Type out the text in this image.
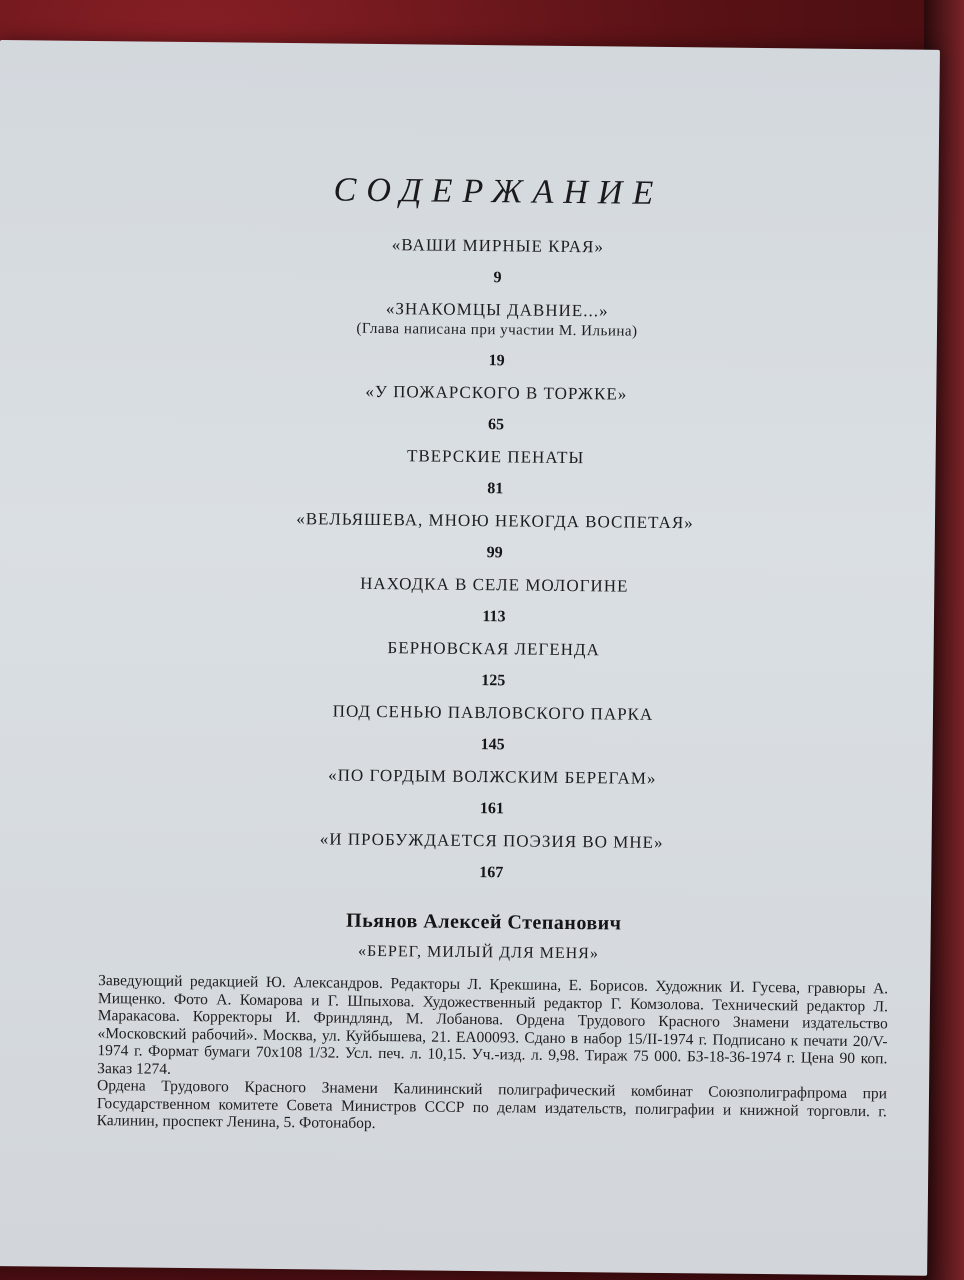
СОДЕРЖАНИЕ
«ВАШИ МИРНЫЕ КРАЯ»
9
«ЗНАКОМЦЫ ДАВНИЕ...»
(Глава написана при участии М. Ильина)
19
«У ПОЖАРСКОГО В ТОРЖКЕ»
65
ТВЕРСКИЕ ПЕНАТЫ
81
«ВЕЛЬЯШЕВА, МНОЮ НЕКОГДА ВОСПЕТАЯ»
99
НАХОДКА В СЕЛЕ МОЛОГИНЕ
113
БЕРНОВСКАЯ ЛЕГЕНДА
125
ПОД СЕНЬЮ ПАВЛОВСКОГО ПАРКА
145
«ПО ГОРДЫМ ВОЛЖСКИМ БЕРЕГАМ»
161
«И ПРОБУЖДАЕТСЯ ПОЭЗИЯ ВО МНЕ»
167
Пьянов Алексей Степанович
«БЕРЕГ, МИЛЫЙ ДЛЯ МЕНЯ»

Заведующий редакцией Ю. Александров. Редакторы Л. Крекшина, Е. Борисов. Художник И. Гусева, гравюры А. Мищенко. Фото А. Комарова и Г. Шпыхова. Художественный редактор Г. Комзолова. Технический редактор Л. Маракасова. Корректоры И. Фриндлянд, М. Лобанова. Ордена Трудового Красного Знамени издательство «Московский рабочий». Москва, ул. Куйбышева, 21. ЕА00093. Сдано в набор 15/II-1974 г. Подписано к печати 20/V-1974 г. Формат бумаги 70х108 1/32. Усл. печ. л. 10,15. Уч.-изд. л. 9,98. Тираж 75 000. БЗ-18-36-1974 г. Цена 90 коп. Заказ 1274.

Ордена Трудового Красного Знамени Калининский полиграфический комбинат Союзполиграфпрома при Государственном комитете Совета Министров СССР по делам издательств, полиграфии и книжной торговли. г. Калинин, проспект Ленина, 5. Фотонабор.
